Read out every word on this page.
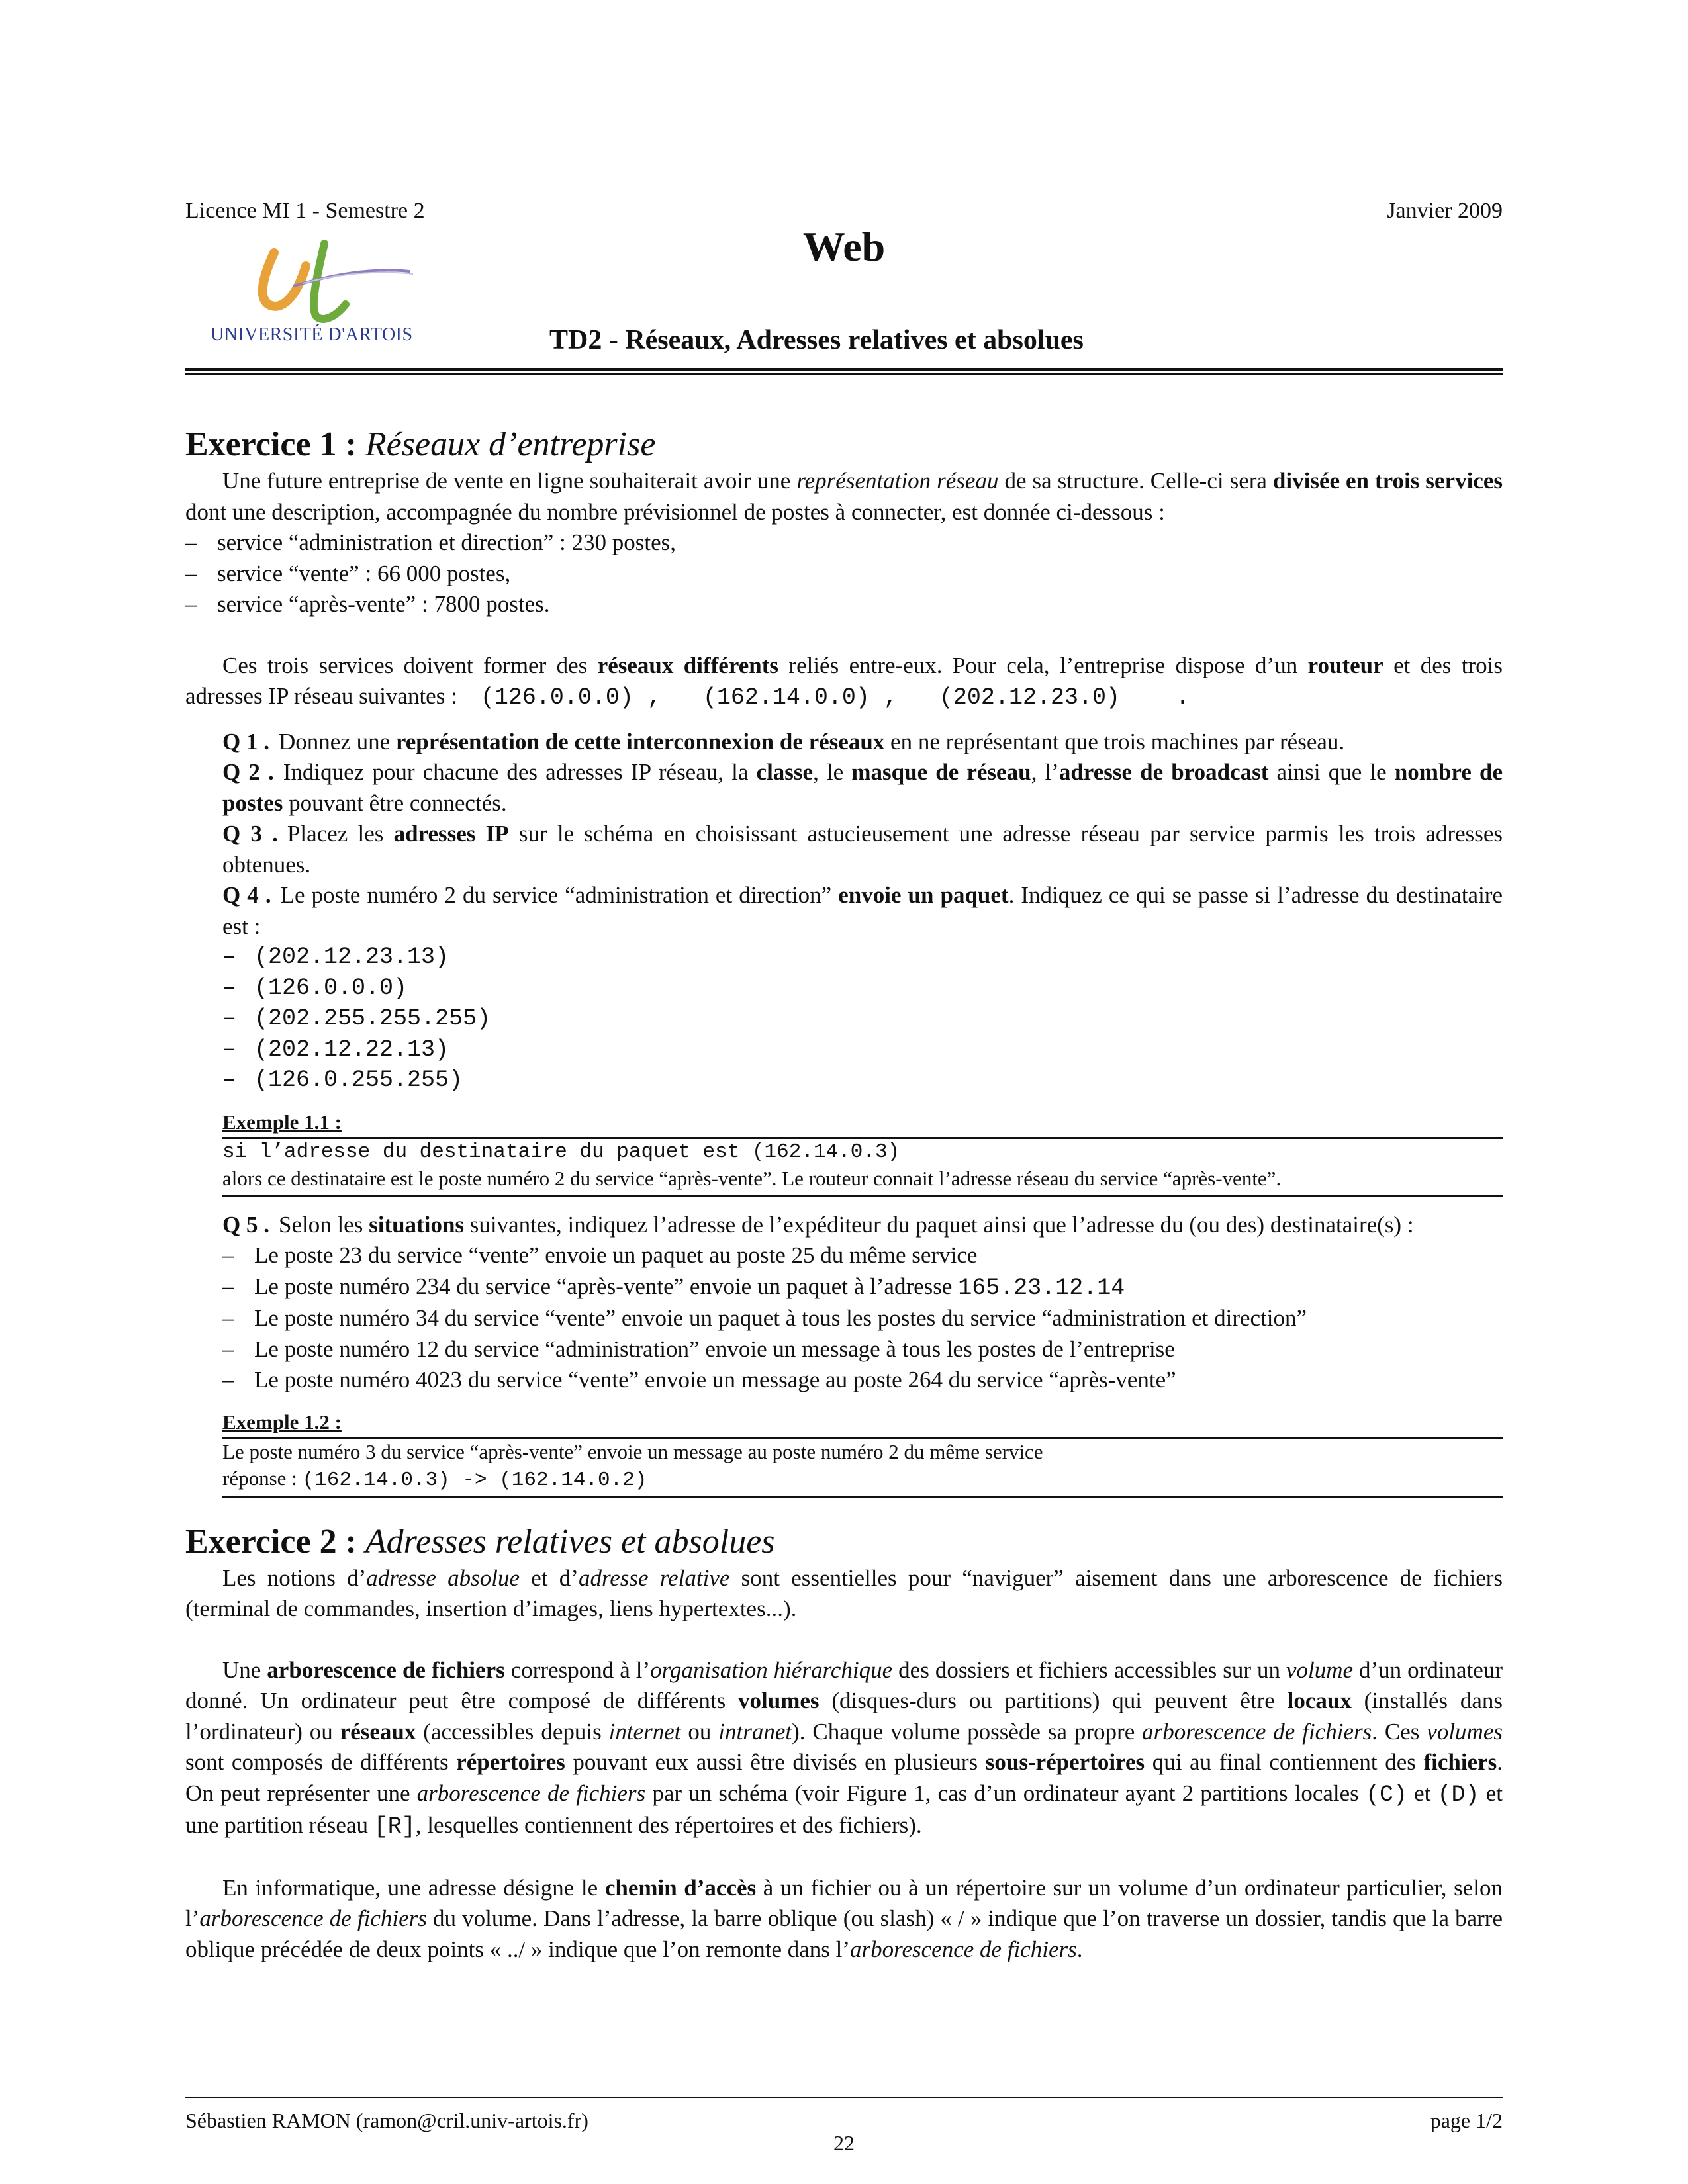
Licence MI 1 - Semestre 2	Janvier 2009
Web
UNIVERSITÉ D'ARTOIS	TD2 - Réseaux, Adresses relatives et absolues
Exercice 1 : Réseaux d’entreprise

Une future entreprise de vente en ligne souhaiterait avoir une représentation réseau de sa structure. Celle-ci sera divisée en trois services dont une description, accompagnée du nombre prévisionnel de postes à connecter, est donnée ci-dessous :

– service “administration et direction” : 230 postes,
– service “vente” : 66 000 postes,
– service “après-vente” : 7800 postes.

Ces trois services doivent former des réseaux différents reliés entre-eux. Pour cela, l’entreprise dispose d’un routeur et des trois adresses IP réseau suivantes : (126.0.0.0) ,   (162.14.0.0) ,   (202.12.23.0)    .

Q 1 . Donnez une représentation de cette interconnexion de réseaux en ne représentant que trois machines par réseau.
Q 2 . Indiquez pour chacune des adresses IP réseau, la classe, le masque de réseau, l’adresse de broadcast ainsi que le nombre de postes pouvant être connectés.
Q 3 . Placez les adresses IP sur le schéma en choisissant astucieusement une adresse réseau par service parmis les trois adresses obtenues.
Q 4 . Le poste numéro 2 du service “administration et direction” envoie un paquet. Indiquez ce qui se passe si l’adresse du destinataire est :
– (202.12.23.13)
– (126.0.0.0)
– (202.255.255.255)
– (202.12.22.13)
– (126.0.255.255)
Exemple 1.1 :
si l’adresse du destinataire du paquet est (162.14.0.3)
alors ce destinataire est le poste numéro 2 du service “après-vente”. Le routeur connait l’adresse réseau du service “après-vente”.
Q 5 . Selon les situations suivantes, indiquez l’adresse de l’expéditeur du paquet ainsi que l’adresse du (ou des) destinataire(s) :
– Le poste 23 du service “vente” envoie un paquet au poste 25 du même service
– Le poste numéro 234 du service “après-vente” envoie un paquet à l’adresse 165.23.12.14
– Le poste numéro 34 du service “vente” envoie un paquet à tous les postes du service “administration et direction”
– Le poste numéro 12 du service “administration” envoie un message à tous les postes de l’entreprise
– Le poste numéro 4023 du service “vente” envoie un message au poste 264 du service “après-vente”
Exemple 1.2 :
Le poste numéro 3 du service “après-vente” envoie un message au poste numéro 2 du même service
réponse : (162.14.0.3) -> (162.14.0.2)
Exercice 2 : Adresses relatives et absolues

Les notions d’adresse absolue et d’adresse relative sont essentielles pour “naviguer” aisement dans une arborescence de fichiers (terminal de commandes, insertion d’images, liens hypertextes...).

Une arborescence de fichiers correspond à l’organisation hiérarchique des dossiers et fichiers accessibles sur un volume d’un ordinateur donné. Un ordinateur peut être composé de différents volumes (disques-durs ou partitions) qui peuvent être locaux (installés dans l’ordinateur) ou réseaux (accessibles depuis internet ou intranet). Chaque volume possède sa propre arborescence de fichiers. Ces volumes sont composés de différents répertoires pouvant eux aussi être divisés en plusieurs sous-répertoires qui au final contiennent des fichiers. On peut représenter une arborescence de fichiers par un schéma (voir Figure 1, cas d’un ordinateur ayant 2 partitions locales (C) et (D) et une partition réseau [R], lesquelles contiennent des répertoires et des fichiers).

En informatique, une adresse désigne le chemin d’accès à un fichier ou à un répertoire sur un volume d’un ordinateur particulier, selon l’arborescence de fichiers du volume. Dans l’adresse, la barre oblique (ou slash) « / » indique que l’on traverse un dossier, tandis que la barre oblique précédée de deux points « ../ » indique que l’on remonte dans l’arborescence de fichiers.

Sébastien RAMON (ramon@cril.univ-artois.fr)
22
page 1/2
